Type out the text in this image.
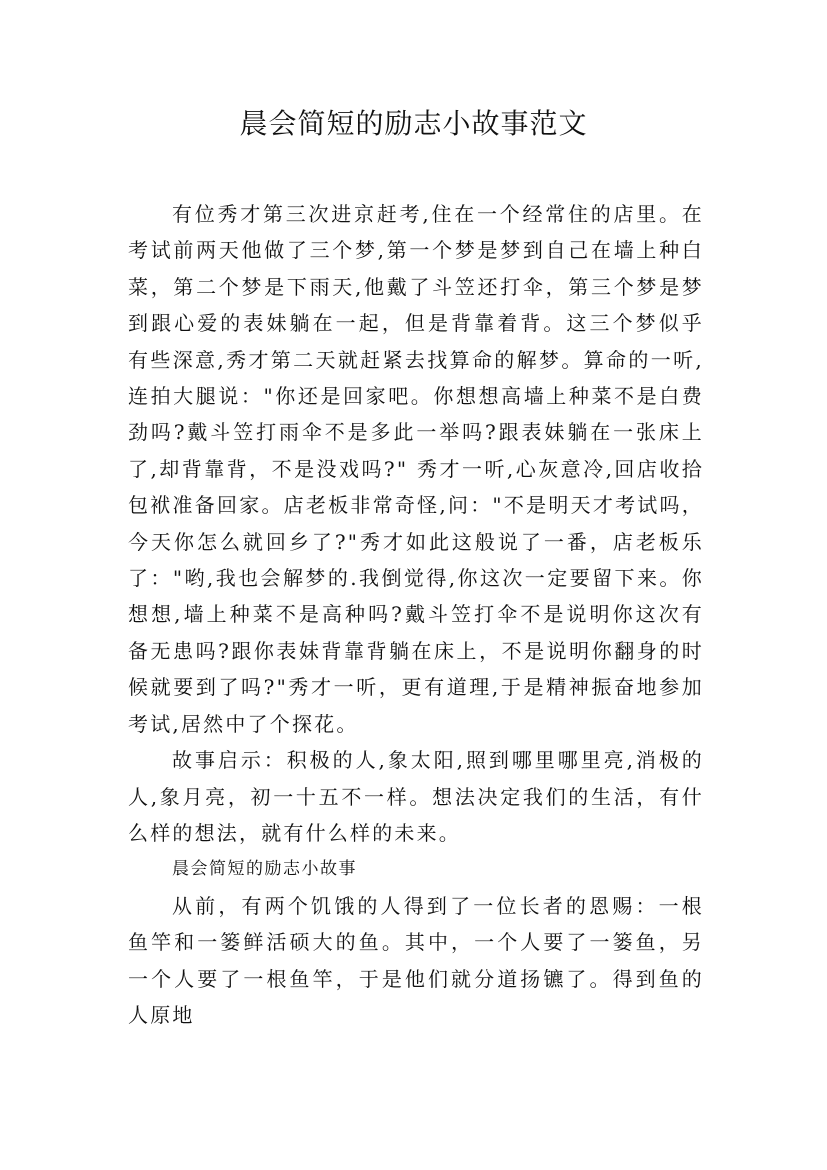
晨会简短的励志小故事范文

有位秀才第三次进京赶考,住在一个经常住的店里。在考试前两天他做了三个梦,第一个梦是梦到自己在墙上种白菜，第二个梦是下雨天,他戴了斗笠还打伞，第三个梦是梦到跟心爱的表妹躺在一起，但是背靠着背。这三个梦似乎有些深意,秀才第二天就赶紧去找算命的解梦。算命的一听,连拍大腿说："你还是回家吧。你想想高墙上种菜不是白费劲吗?戴斗笠打雨伞不是多此一举吗?跟表妹躺在一张床上了,却背靠背，不是没戏吗?" 秀才一听,心灰意冷,回店收拾包袱准备回家。店老板非常奇怪,问："不是明天才考试吗，今天你怎么就回乡了?"秀才如此这般说了一番，店老板乐了："哟,我也会解梦的.我倒觉得,你这次一定要留下来。你想想,墙上种菜不是高种吗?戴斗笠打伞不是说明你这次有备无患吗?跟你表妹背靠背躺在床上，不是说明你翻身的时候就要到了吗?"秀才一听，更有道理,于是精神振奋地参加考试,居然中了个探花。

故事启示：积极的人,象太阳,照到哪里哪里亮,消极的人,象月亮，初一十五不一样。想法决定我们的生活，有什么样的想法，就有什么样的未来。

晨会简短的励志小故事

从前，有两个饥饿的人得到了一位长者的恩赐：一根鱼竿和一篓鲜活硕大的鱼。其中，一个人要了一篓鱼，另一个人要了一根鱼竿，于是他们就分道扬镳了。得到鱼的人原地
